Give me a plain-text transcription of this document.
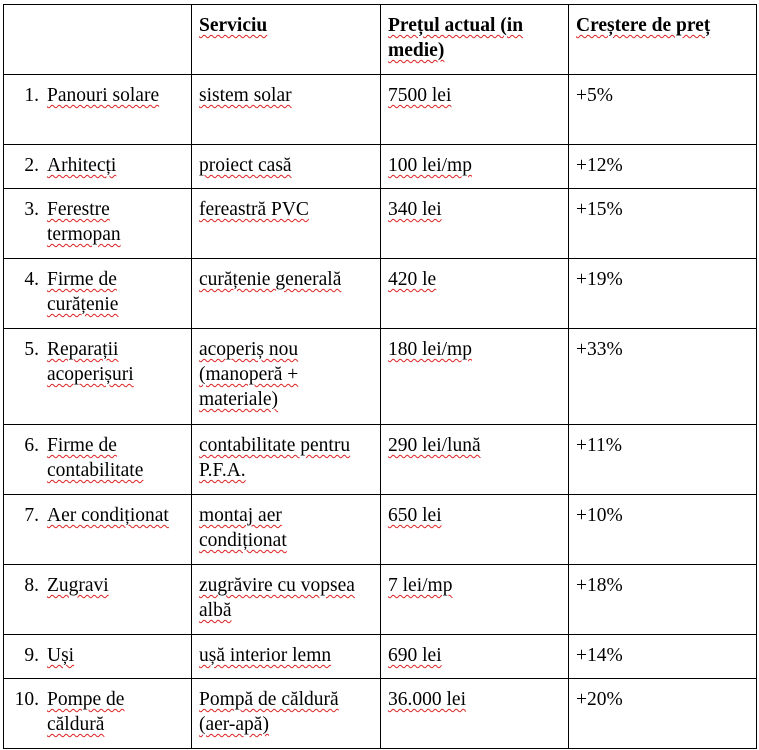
	Serviciu	Prețul actual (in medie)	Creștere de preț

1. Panouri solare	sistem solar	7500 lei	+5%

2. Arhitecți	proiect casă	100 lei/mp	+12%

3. Ferestre termopan	fereastră PVC	340 lei	+15%

4. Firme de curățenie	curățenie generală	420 le	+19%

5. Reparații acoperișuri	acoperiș nou (manoperă + materiale)	180 lei/mp	+33%

6. Firme de contabilitate	contabilitate pentru P.F.A.	290 lei/lună	+11%

7. Aer condiționat	montaj aer condiționat	650 lei	+10%

8. Zugravi	zugrăvire cu vopsea albă	7 lei/mp	+18%

9. Uși	ușă interior lemn	690 lei	+14%

10. Pompe de căldură	Pompă de căldură (aer-apă)	36.000 lei	+20%
